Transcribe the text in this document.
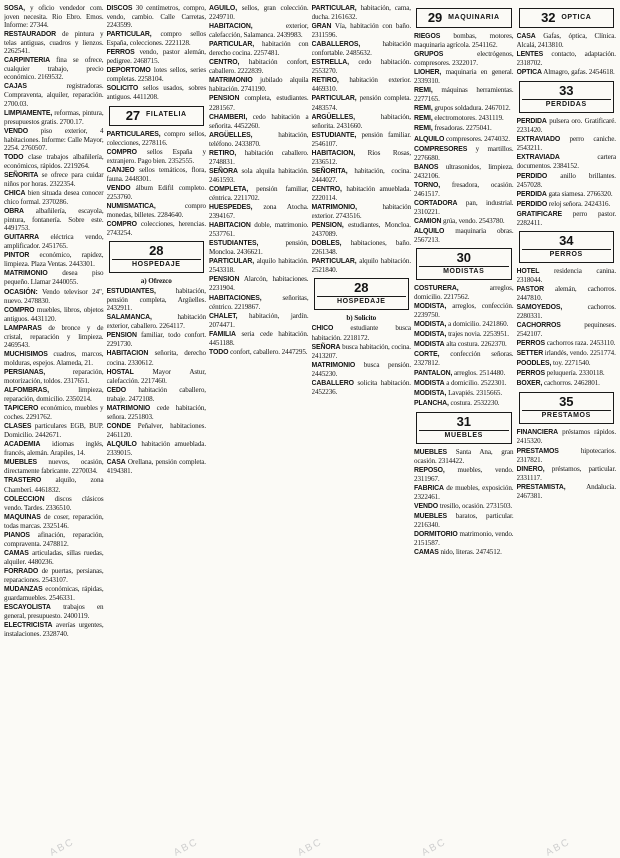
SOSA, y oficio vendedor com. joven necesita. Rio Ebro. Emos. Informe: 27344.

RESTAURADOR de pintura y telas antiguas, cuadros y lienzos. 2262541.

CARPINTERIA fina se ofrece, cualquier trabajo, precio económico. 2169532.

CAJAS	registradoras. Compraventa, alquiler, reparación. 2700.03.

LIMPIAMENTE, reformas, pintura, presupuestos gratis. 2700.17.

VENDO piso exterior, 4 habitaciones. Informe: Calle Mayor, 2254. 2760507.

TODO clase trabajos albañilería, económicos, rápidos. 2219264.

SEÑORITA se ofrece para cuidar niños por horas. 2322354.

CHICA bien situada desea conocer chico formal. 2370286.

OBRA albañilería, escayola, pintura, fontanería. Sobre este. 4491753.

GUITARRA eléctrica vendo, amplificador. 2451765.

PINTOR económico, rapidez, limpieza. Plaza Ventas. 2443301.

MATRIMONIO desea piso pequeño. Llamar 2440055.

OCASIÓN: Vendo televisor 24", nuevo. 2478830.

COMPRO muebles, libros, objetos antiguos. 4431120.

LAMPARAS de bronce y de cristal, reparación y limpieza. 2469543.

MUCHISIMOS cuadros, marcos, molduras, espejos. Alameda, 21.

PERSIANAS,	reparación, motorización, toldos. 2317651.

ALFOMBRAS,	limpieza, reparación, domicilio. 2350214.

TAPICERO económico, muebles y coches. 2291762.

CLASES particulares EGB, BUP. Domicilio. 2442671.

ACADEMIA idiomas inglés, francés, alemán. Arapiles, 14.

MUEBLES nuevos, ocasión, directamente fabricante. 2270034.

TRASTERO alquilo, zona Chamberí. 4461832.

COLECCION discos clásicos vendo. Tardes. 2336510.

MAQUINAS de coser, reparación, todas marcas. 2325146.

PIANOS afinación, reparación, compraventa. 2478812.

CAMAS articuladas, sillas ruedas, alquiler. 4480236.

FORRADO de puertas, persianas, reparaciones. 2543107.

MUDANZAS económicas, rápidas, guardamuebles. 2546331.

ESCAYOLISTA trabajos en general, presupuesto. 2400119.

ELECTRICISTA averías urgentes, instalaciones. 2328740.

DISCOS 30 centímetros, compro, vendo, cambio. Calle Carretas, 2243599.

PARTICULAR, compro sellos España, colecciones. 2221128.

FERROS vendo, pastor alemán, pedigree. 2468715.

DEPORTOMO lotes sellos, series completas. 2258104.

SOLICITO sellos usados, sobres antiguos. 4411208.

27 FILATELIA

PARTICULARES, compro sellos, colecciones, 2278116.

COMPRO sellos España y extranjero. Pago bien. 2352555.

CANJEO sellos temáticos, flora, fauna. 2448301.

VENDO álbum Edifil completo. 2253760.

NUMISMATICA,	compro monedas, billetes. 2284640.

COMPRO colecciones, herencias. 2743254.

28
HOSPEDAJE
a) Ofrezco

ESTUDIANTES,	habitación, pensión completa, Argüelles. 2432911.

SALAMANCA,	habitación exterior, caballero. 2264117.

PENSION familiar, todo confort. 2291730.

HABITACION señorita, derecho cocina. 2330612.

HOSTAL	Mayor Astur, calefacción. 2217460.

CEDO habitación caballero, trabaje. 2472108.

MATRIMONIO cede habitación, señora. 2251803.

CONDE Peñalver, habitaciones. 2461120.

ALQUILO habitación amueblada. 2339015.

CASA Orellana, pensión completa. 4194381.

AGUILO, sellos, gran colección. 2249710.

HABITACION,	exterior, calefacción, Salamanca. 2439983.

PARTICULAR, habitación con derecho cocina. 2257481.

CENTRO, habitación confort, caballero. 2222839.

MATRIMONIO jubilado alquila habitación. 2741190.

PENSION completa, estudiantes. 2281567.

CHAMBERI, cedo habitación a señorita. 4452260.

ARGÜELLES,	habitación, teléfono. 2433870.

RETIRO, habitación caballero. 2748831.

SEÑORA sola alquila habitación. 2461593.

COMPLETA, pensión familiar, céntrica. 2211702.

HUESPEDES, zona Atocha. 2394167.

HABITACION doble, matrimonio. 2537761.

ESTUDIANTES,	pensión, Moncloa. 2436621.

PARTICULAR, alquilo habitación. 2543318.

PENSION Alarcón, habitaciones. 2231904.

HABITACIONES,	señoritas, céntrico. 2219867.

CHALET, habitación, jardín. 2074471.

FAMILIA seria cede habitación. 4451188.

TODO confort, caballero. 2447295.

PARTICULAR, habitación, cama, ducha. 2161632.

GRAN Vía, habitación con baño. 2311596.

CABALLEROS,	habitación confortable. 2485632.

ESTRELLA, cedo habitación. 2553270.

RETIRO, habitación exterior. 4469310.

PARTICULAR, pensión completa. 2483574.

ARGÜELLES,	habitación, señorita. 2431660.

ESTUDIANTE, pensión familiar. 2546107.

HABITACION, Ríos Rosas, 2336512.

SEÑORITA, habitación, cocina. 2444027.

CENTRO, habitación amueblada. 2220114.

MATRIMONIO,	habitación exterior. 2743516.

PENSION, estudiantes, Moncloa. 2437089.

DOBLES, habitaciones, baño. 2261348.

PARTICULAR, alquilo habitación. 2521840.

28
HOSPEDAJE
b) Solicito

CHICO estudiante busca habitación. 2218172.

SEÑORA busca habitación, cocina. 2413207.

MATRIMONIO busca pensión. 2445230.

CABALLERO solicita habitación. 2452236.

29 MAQUINARIA

RIEGOS bombas, motores, maquinaria agrícola. 2541162.

GRUPOS	electrógenos, compresores. 2322017.

LIOHER, maquinaria en general. 2339310.

REMI, máquinas herramientas. 2277165.

REMI, grupos soldadura. 2467012.

REMI, electromotores. 2431119.

REMI, fresadoras. 2275041.

ALQUILO compresores. 2474032.

COMPRESORES y martillos. 2276680.

BANOS ultrasonidos, limpieza. 2432106.

TORNO, fresadora, ocasión. 2461517.

CORTADORA pan, industrial. 2310221.

CAMION grúa, vendo. 2543780.

ALQUILO maquinaria obras. 2567213.

30
MODISTAS

COSTURERA,	arreglos, domicilio. 2217562.

MODISTA, arreglos, confección. 2239750.

MODISTA, a domicilio. 2421860.

MODISTA, trajes novia. 2253951.

MODISTA alta costura. 2262370.

CORTE, confección señoras. 2327812.

PANTALON, arreglos. 2514480.

MODISTA a domicilio. 2522301.

MODISTA, Lavapiés. 2315665.

PLANCHA, costura. 2532230.

31
MUEBLES

MUEBLES Santa Ana, gran ocasión. 2314422.

REPOSO, muebles, vendo. 2311967.

FABRICA de muebles, exposición. 2322461.

VENDO tresillo, ocasión. 2731503.

MUEBLES baratos, particular. 2216340.

DORMITORIO matrimonio, vendo. 2151587.

CAMAS nido, literas. 2474512.

32 OPTICA

CASA Gafas, óptica, Clínica. Alcalá, 2413810.

LENTES contacto, adaptación. 2318702.

OPTICA Almagro, gafas. 2454618.

33
PERDIDAS

PERDIDA pulsera oro. Gratificaré. 2231420.

EXTRAVIADO perro caniche. 2543211.

EXTRAVIADA	cartera documentos. 2384152.

PERDIDO anillo brillantes. 2457028.

PERDIDA gata siamesa. 2766320.

PERDIDO reloj señora. 2424316.

GRATIFICARE perro pastor. 2282411.

34
PERROS

HOTEL residencia canina. 2318044.

PASTOR alemán, cachorros. 2447810.

SAMOYEDOS,	cachorros. 2280331.

CACHORROS	pequineses. 2542107.

PERROS cachorros raza. 2453110.

SETTER irlandés, vendo. 2251774.

POODLES, toy. 2271540.

PERROS peluquería. 2330118.

BOXER, cachorros. 2462801.

35
PRESTAMOS

FINANCIERA préstamos rápidos. 2415320.

PRESTAMOS	hipotecarios. 2317821.

DINERO, préstamos, particular. 2331117.

PRESTAMISTA,	Andalucía. 2467381.

ABC	ABC	ABC	ABC	ABC
